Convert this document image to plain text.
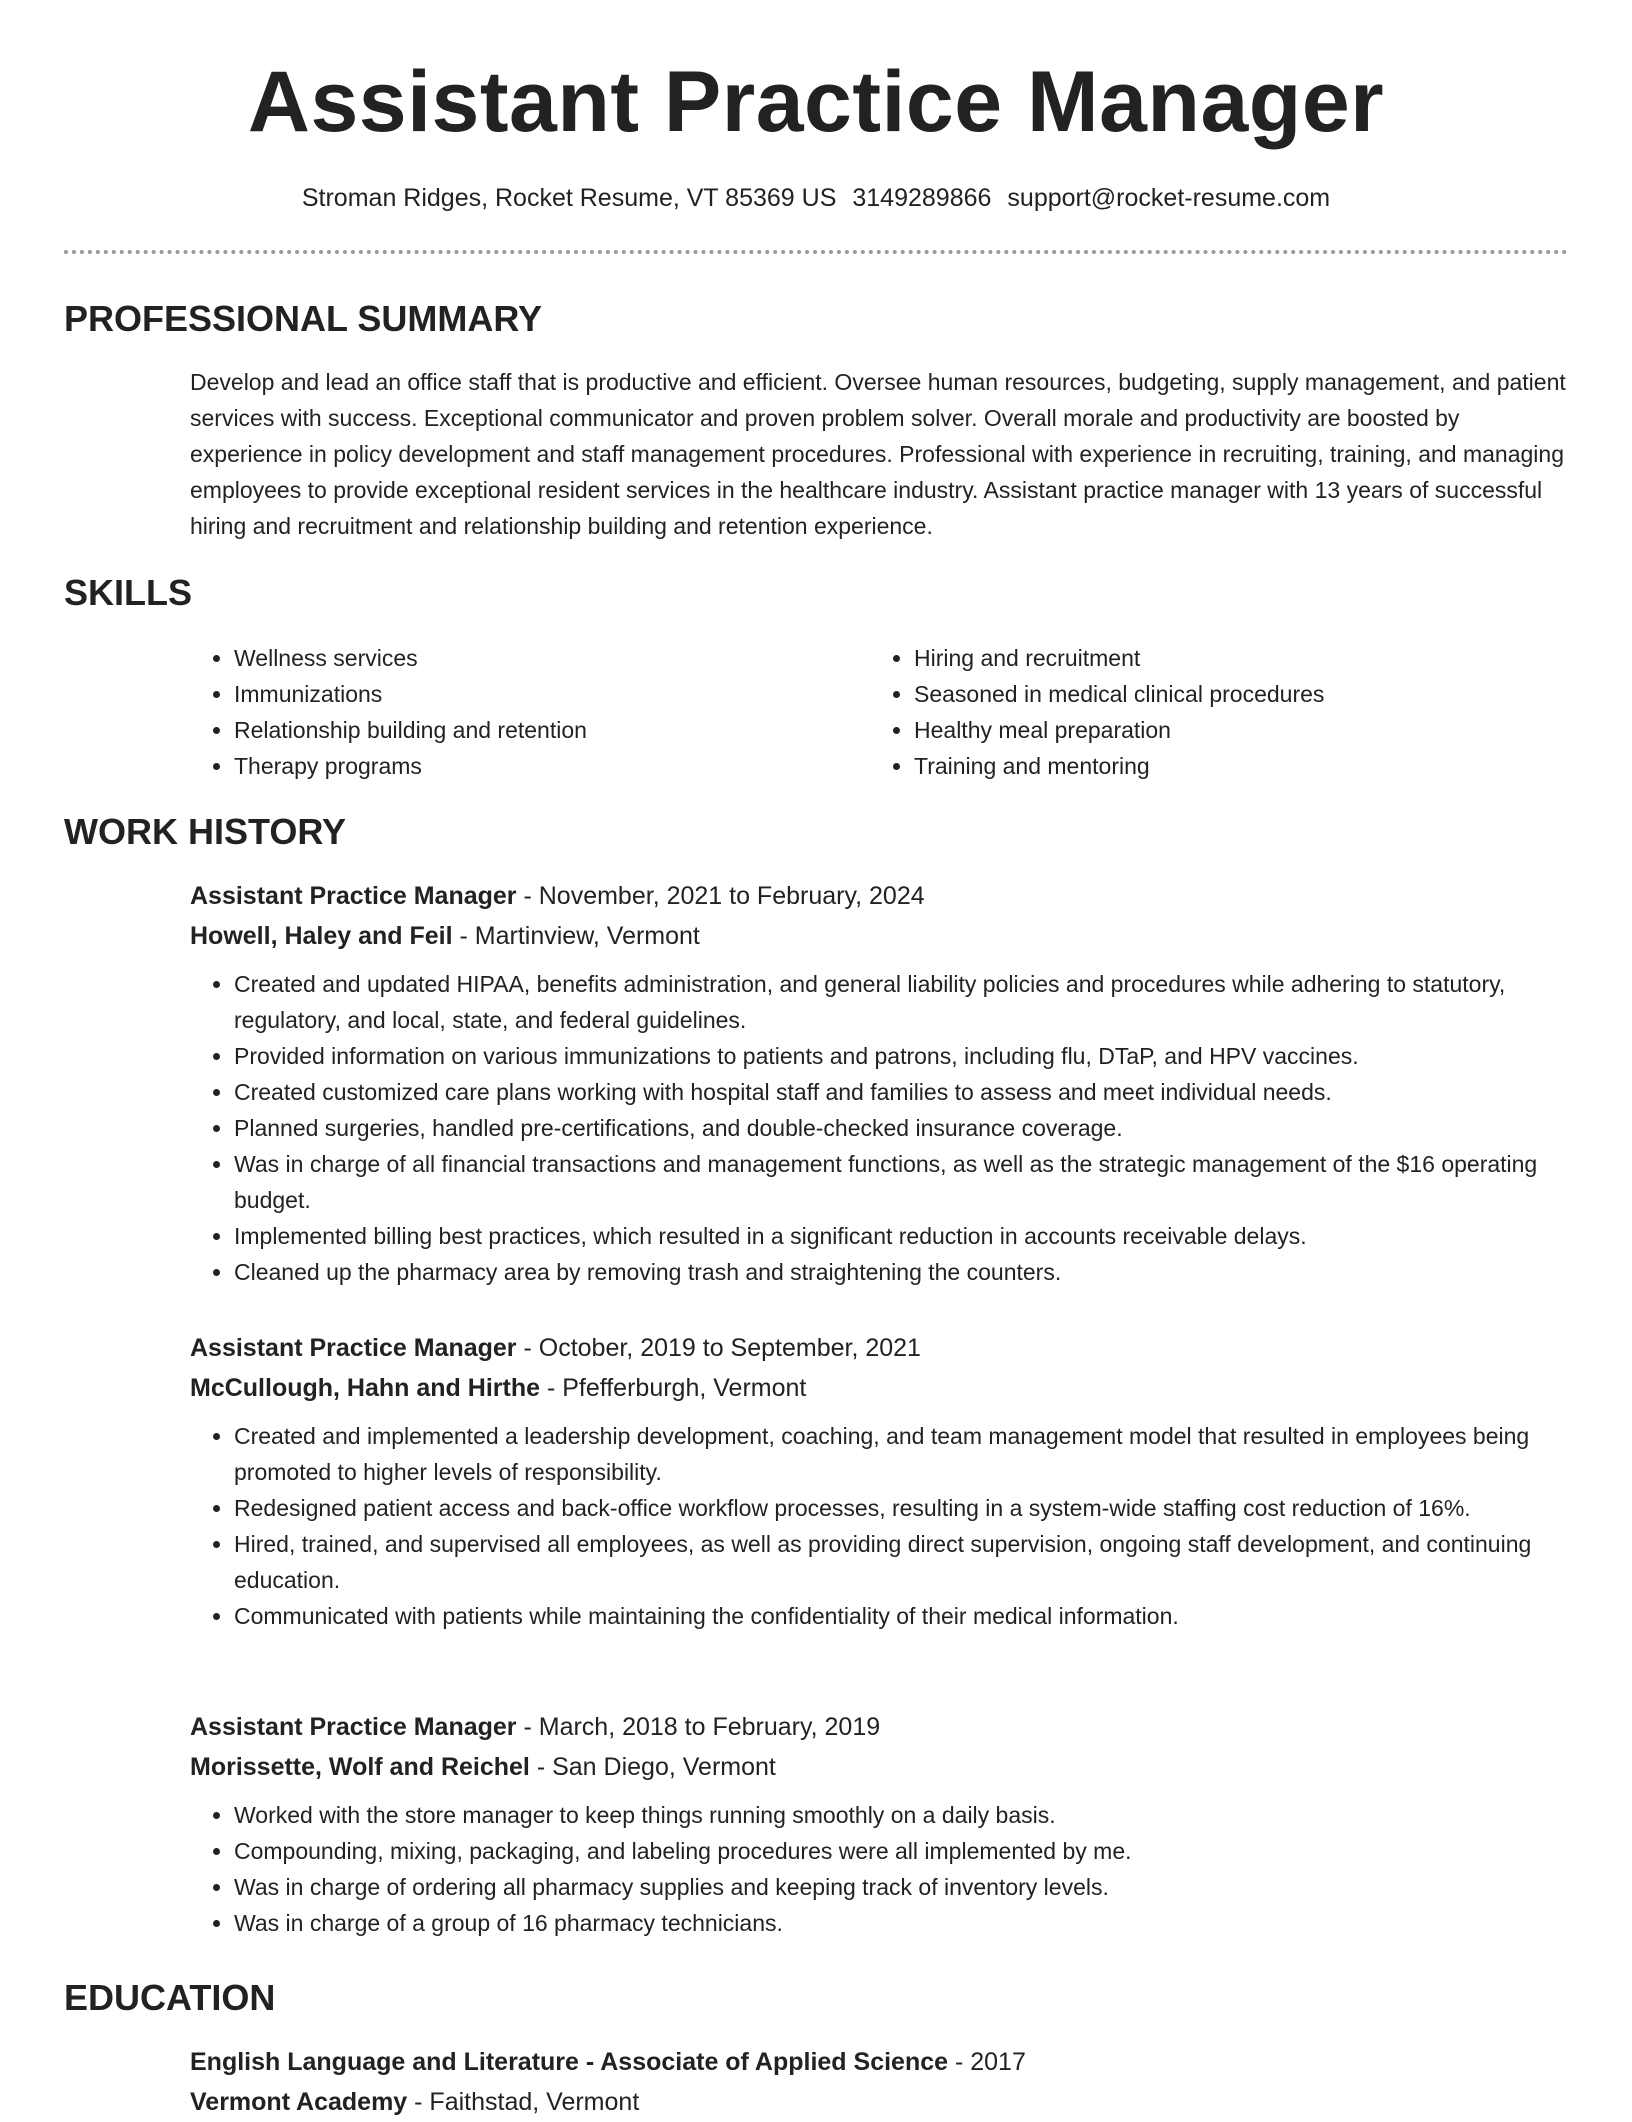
Assistant Practice Manager
Stroman Ridges, Rocket Resume, VT 85369 US 3149289866 support@rocket-resume.com
PROFESSIONAL SUMMARY

Develop and lead an office staff that is productive and efficient. Oversee human resources, budgeting, supply management, and patient services with success. Exceptional communicator and proven problem solver. Overall morale and productivity are boosted by experience in policy development and staff management procedures. Professional with experience in recruiting, training, and managing employees to provide exceptional resident services in the healthcare industry. Assistant practice manager with 13 years of successful hiring and recruitment and relationship building and retention experience.

SKILLS
• Wellness services
• Immunizations
• Relationship building and retention
• Therapy programs
• Hiring and recruitment
• Seasoned in medical clinical procedures
• Healthy meal preparation
• Training and mentoring
WORK HISTORY

Assistant Practice Manager - November, 2021 to February, 2024

Howell, Haley and Feil - Martinview, Vermont

• Created and updated HIPAA, benefits administration, and general liability policies and procedures while adhering to statutory, regulatory, and local, state, and federal guidelines.
• Provided information on various immunizations to patients and patrons, including flu, DTaP, and HPV vaccines.
• Created customized care plans working with hospital staff and families to assess and meet individual needs.
• Planned surgeries, handled pre-certifications, and double-checked insurance coverage.
• Was in charge of all financial transactions and management functions, as well as the strategic management of the $16 operating budget.
• Implemented billing best practices, which resulted in a significant reduction in accounts receivable delays.
• Cleaned up the pharmacy area by removing trash and straightening the counters.

Assistant Practice Manager - October, 2019 to September, 2021

McCullough, Hahn and Hirthe - Pfefferburgh, Vermont

• Created and implemented a leadership development, coaching, and team management model that resulted in employees being promoted to higher levels of responsibility.
• Redesigned patient access and back-office workflow processes, resulting in a system-wide staffing cost reduction of 16%.
• Hired, trained, and supervised all employees, as well as providing direct supervision, ongoing staff development, and continuing education.
• Communicated with patients while maintaining the confidentiality of their medical information.

Assistant Practice Manager - March, 2018 to February, 2019

Morissette, Wolf and Reichel - San Diego, Vermont

• Worked with the store manager to keep things running smoothly on a daily basis.
• Compounding, mixing, packaging, and labeling procedures were all implemented by me.
• Was in charge of ordering all pharmacy supplies and keeping track of inventory levels.
• Was in charge of a group of 16 pharmacy technicians.
EDUCATION

English Language and Literature - Associate of Applied Science - 2017

Vermont Academy - Faithstad, Vermont
